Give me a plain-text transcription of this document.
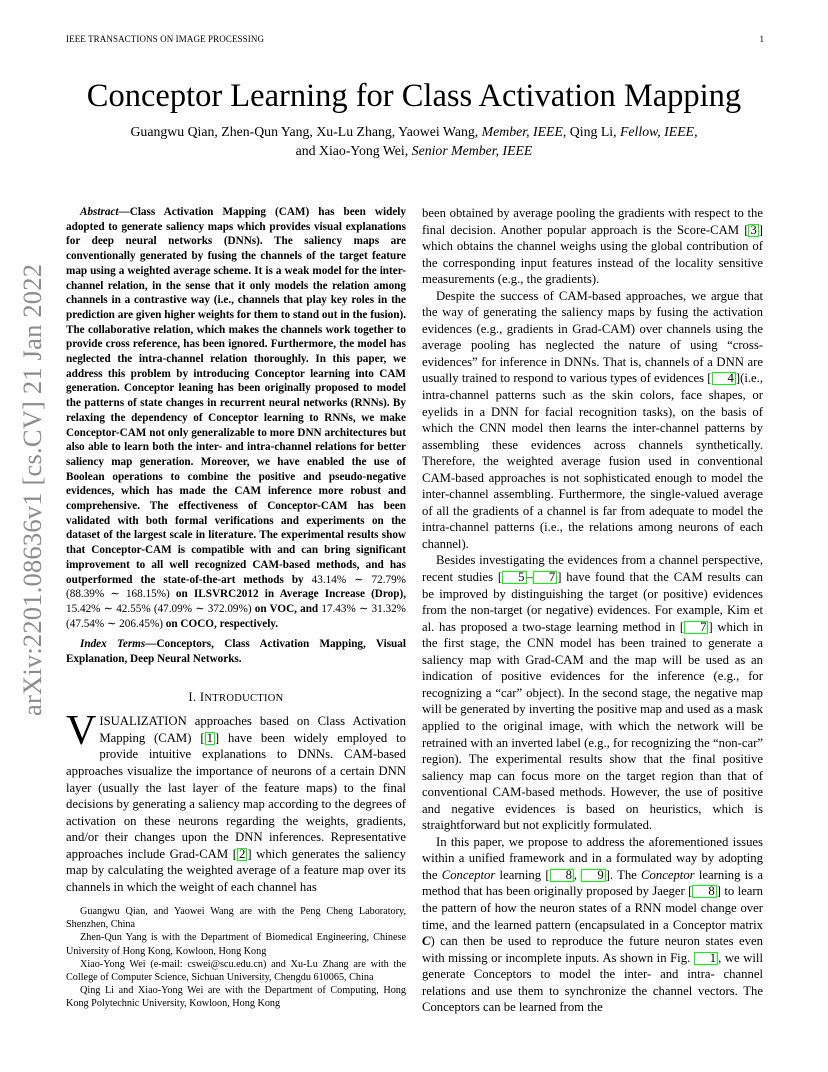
IEEE TRANSACTIONS ON IMAGE PROCESSING	1
arXiv:2201.08636v1 [cs.CV] 21 Jan 2022
Conceptor Learning for Class Activation Mapping
Guangwu Qian, Zhen-Qun Yang, Xu-Lu Zhang, Yaowei Wang, Member, IEEE, Qing Li, Fellow, IEEE,
and Xiao-Yong Wei, Senior Member, IEEE

Abstract—Class Activation Mapping (CAM) has been widely adopted to generate saliency maps which provides visual explanations for deep neural networks (DNNs). The saliency maps are conventionally generated by fusing the channels of the target feature map using a weighted average scheme. It is a weak model for the inter-channel relation, in the sense that it only models the relation among channels in a contrastive way (i.e., channels that play key roles in the prediction are given higher weights for them to stand out in the fusion). The collaborative relation, which makes the channels work together to provide cross reference, has been ignored. Furthermore, the model has neglected the intra-channel relation thoroughly. In this paper, we address this problem by introducing Conceptor learning into CAM generation. Conceptor leaning has been originally proposed to model the patterns of state changes in recurrent neural networks (RNNs). By relaxing the dependency of Conceptor learning to RNNs, we make Conceptor-CAM not only generalizable to more DNN architectures but also able to learn both the inter- and intra-channel relations for better saliency map generation. Moreover, we have enabled the use of Boolean operations to combine the positive and pseudo-negative evidences, which has made the CAM inference more robust and comprehensive. The effectiveness of Conceptor-CAM has been validated with both formal verifications and experiments on the dataset of the largest scale in literature. The experimental results show that Conceptor-CAM is compatible with and can bring significant improvement to all well recognized CAM-based methods, and has outperformed the state-of-the-art methods by 43.14% ∼ 72.79% (88.39% ∼ 168.15%) on ILSVRC2012 in Average Increase (Drop), 15.42% ∼ 42.55% (47.09% ∼ 372.09%) on VOC, and 17.43% ∼ 31.32% (47.54% ∼ 206.45%) on COCO, respectively.

Index Terms—Conceptors, Class Activation Mapping, Visual Explanation, Deep Neural Networks.

I. INTRODUCTION

VISUALIZATION approaches based on Class Activation Mapping (CAM) [ 1 ] have been widely employed to provide intuitive explanations to DNNs. CAM-based approaches visualize the importance of neurons of a certain DNN layer (usually the last layer of the feature maps) to the final decisions by generating a saliency map according to the degrees of activation on these neurons regarding the weights, gradients, and/or their changes upon the DNN inferences. Representative approaches include Grad-CAM [ 2 ] which generates the saliency map by calculating the weighted average of a feature map over its channels in which the weight of each channel has

been obtained by average pooling the gradients with respect to the final decision. Another popular approach is the Score-CAM [ 3 ] which obtains the channel weighs using the global contribution of the corresponding input features instead of the locality sensitive measurements (e.g., the gradients).

Despite the success of CAM-based approaches, we argue that the way of generating the saliency maps by fusing the activation evidences (e.g., gradients in Grad-CAM) over channels using the average pooling has neglected the nature of using “cross-evidences” for inference in DNNs. That is, channels of a DNN are usually trained to respond to various types of evidences [ 4 ](i.e., intra-channel patterns such as the skin colors, face shapes, or eyelids in a DNN for facial recognition tasks), on the basis of which the CNN model then learns the inter-channel patterns by assembling these evidences across channels synthetically. Therefore, the weighted average fusion used in conventional CAM-based approaches is not sophisticated enough to model the inter-channel assembling. Furthermore, the single-valued average of all the gradients of a channel is far from adequate to model the intra-channel patterns (i.e., the relations among neurons of each channel).

Besides investigating the evidences from a channel perspective, recent studies [ 5 – 7 ] have found that the CAM results can be improved by distinguishing the target (or positive) evidences from the non-target (or negative) evidences. For example, Kim et al. has proposed a two-stage learning method in [ 7 ] which in the first stage, the CNN model has been trained to generate a saliency map with Grad-CAM and the map will be used as an indication of positive evidences for the inference (e.g., for recognizing a “car” object). In the second stage, the negative map will be generated by inverting the positive map and used as a mask applied to the original image, with which the network will be retrained with an inverted label (e.g., for recognizing the “non-car” region). The experimental results show that the final positive saliency map can focus more on the target region than that of conventional CAM-based methods. However, the use of positive and negative evidences is based on heuristics, which is straightforward but not explicitly formulated.

In this paper, we propose to address the aforementioned issues within a unified framework and in a formulated way by adopting the Conceptor learning [ 8 , 9 ]. The Conceptor learning is a method that has been originally proposed by Jaeger [ 8 ] to learn the pattern of how the neuron states of a RNN model change over time, and the learned pattern (encapsulated in a Conceptor matrix C) can then be used to reproduce the future neuron states even with missing or incomplete inputs. As shown in Fig. 1 , we will generate Conceptors to model the inter- and intra- channel relations and use them to synchronize the channel vectors. The Conceptors can be learned from the

Guangwu Qian, and Yaowei Wang are with the Peng Cheng Laboratory, Shenzhen, China

Zhen-Qun Yang is with the Department of Biomedical Engineering, Chinese University of Hong Kong, Kowloon, Hong Kong

Xiao-Yong Wei (e-mail: cswei@scu.edu.cn) and Xu-Lu Zhang are with the College of Computer Science, Sichuan University, Chengdu 610065, China

Qing Li and Xiao-Yong Wei are with the Department of Computing, Hong Kong Polytechnic University, Kowloon, Hong Kong
